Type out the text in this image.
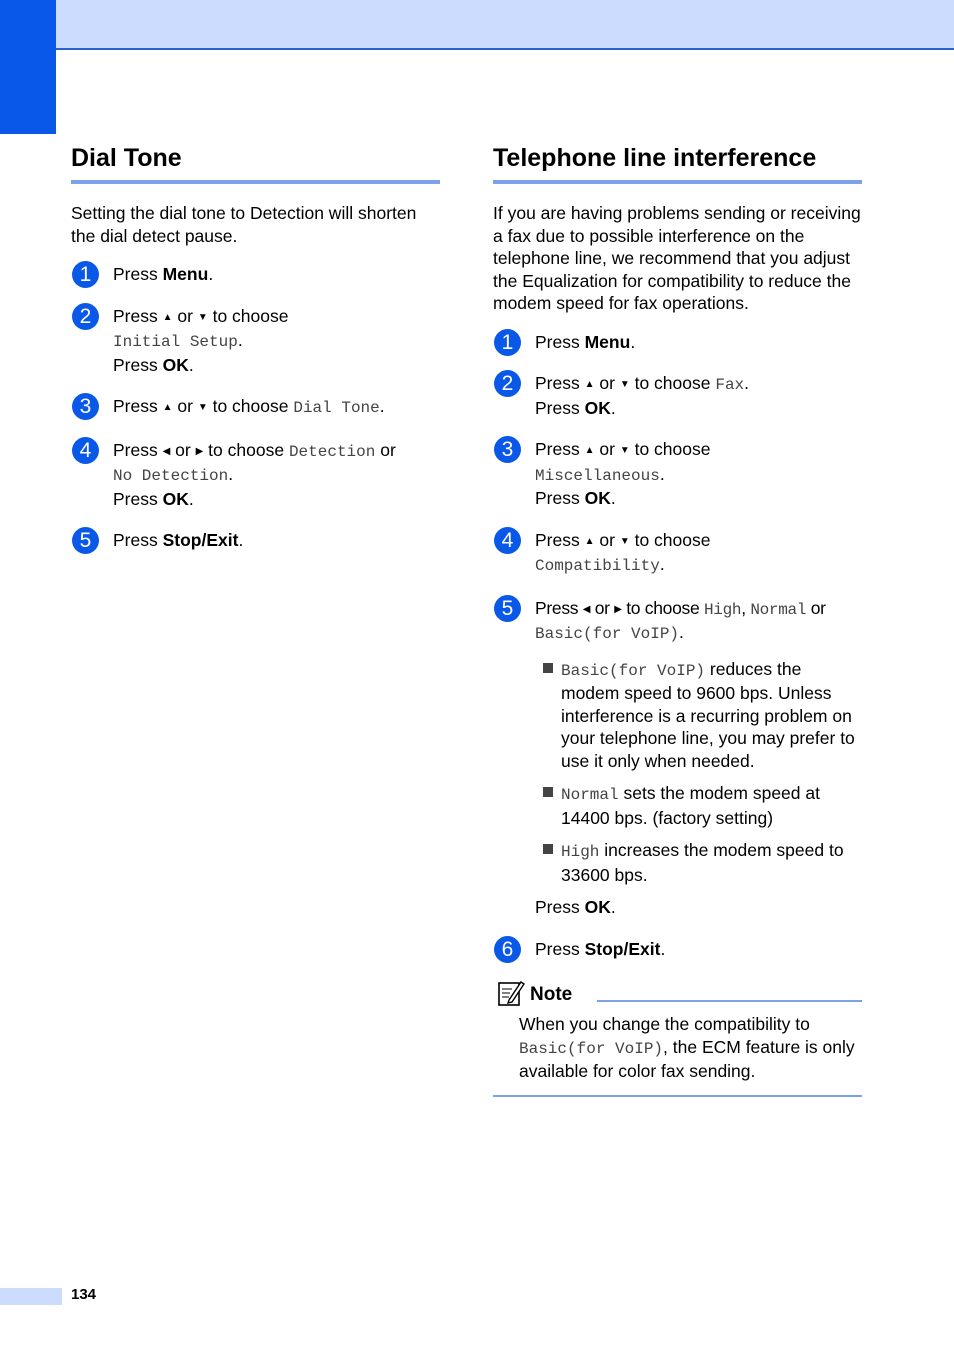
Dial Tone

Setting the dial tone to Detection will shorten the dial detect pause.

1	Press Menu.
2	Press ▲ or ▼ to choose
Initial Setup.
Press OK.
3	Press ▲ or ▼ to choose Dial Tone.
4	Press ◀ or ▶ to choose Detection or
No Detection.
Press OK.
5	Press Stop/Exit.
Telephone line interference

If you are having problems sending or receiving a fax due to possible interference on the telephone line, we recommend that you adjust the Equalization for compatibility to reduce the modem speed for fax operations.

1	Press Menu.
2	Press ▲ or ▼ to choose Fax.
Press OK.
3	Press ▲ or ▼ to choose
Miscellaneous.
Press OK.
4	Press ▲ or ▼ to choose
Compatibility.
5	Press ◀ or ▶ to choose High, Normal or
Basic(for VoIP).
Basic(for VoIP) reduces the modem speed to 9600 bps. Unless interference is a recurring problem on your telephone line, you may prefer to use it only when needed.
Normal sets the modem speed at 14400 bps. (factory setting)
High increases the modem speed to 33600 bps.
Press OK.
6	Press Stop/Exit.
Note
When you change the compatibility to Basic(for VoIP), the ECM feature is only available for color fax sending.
134
